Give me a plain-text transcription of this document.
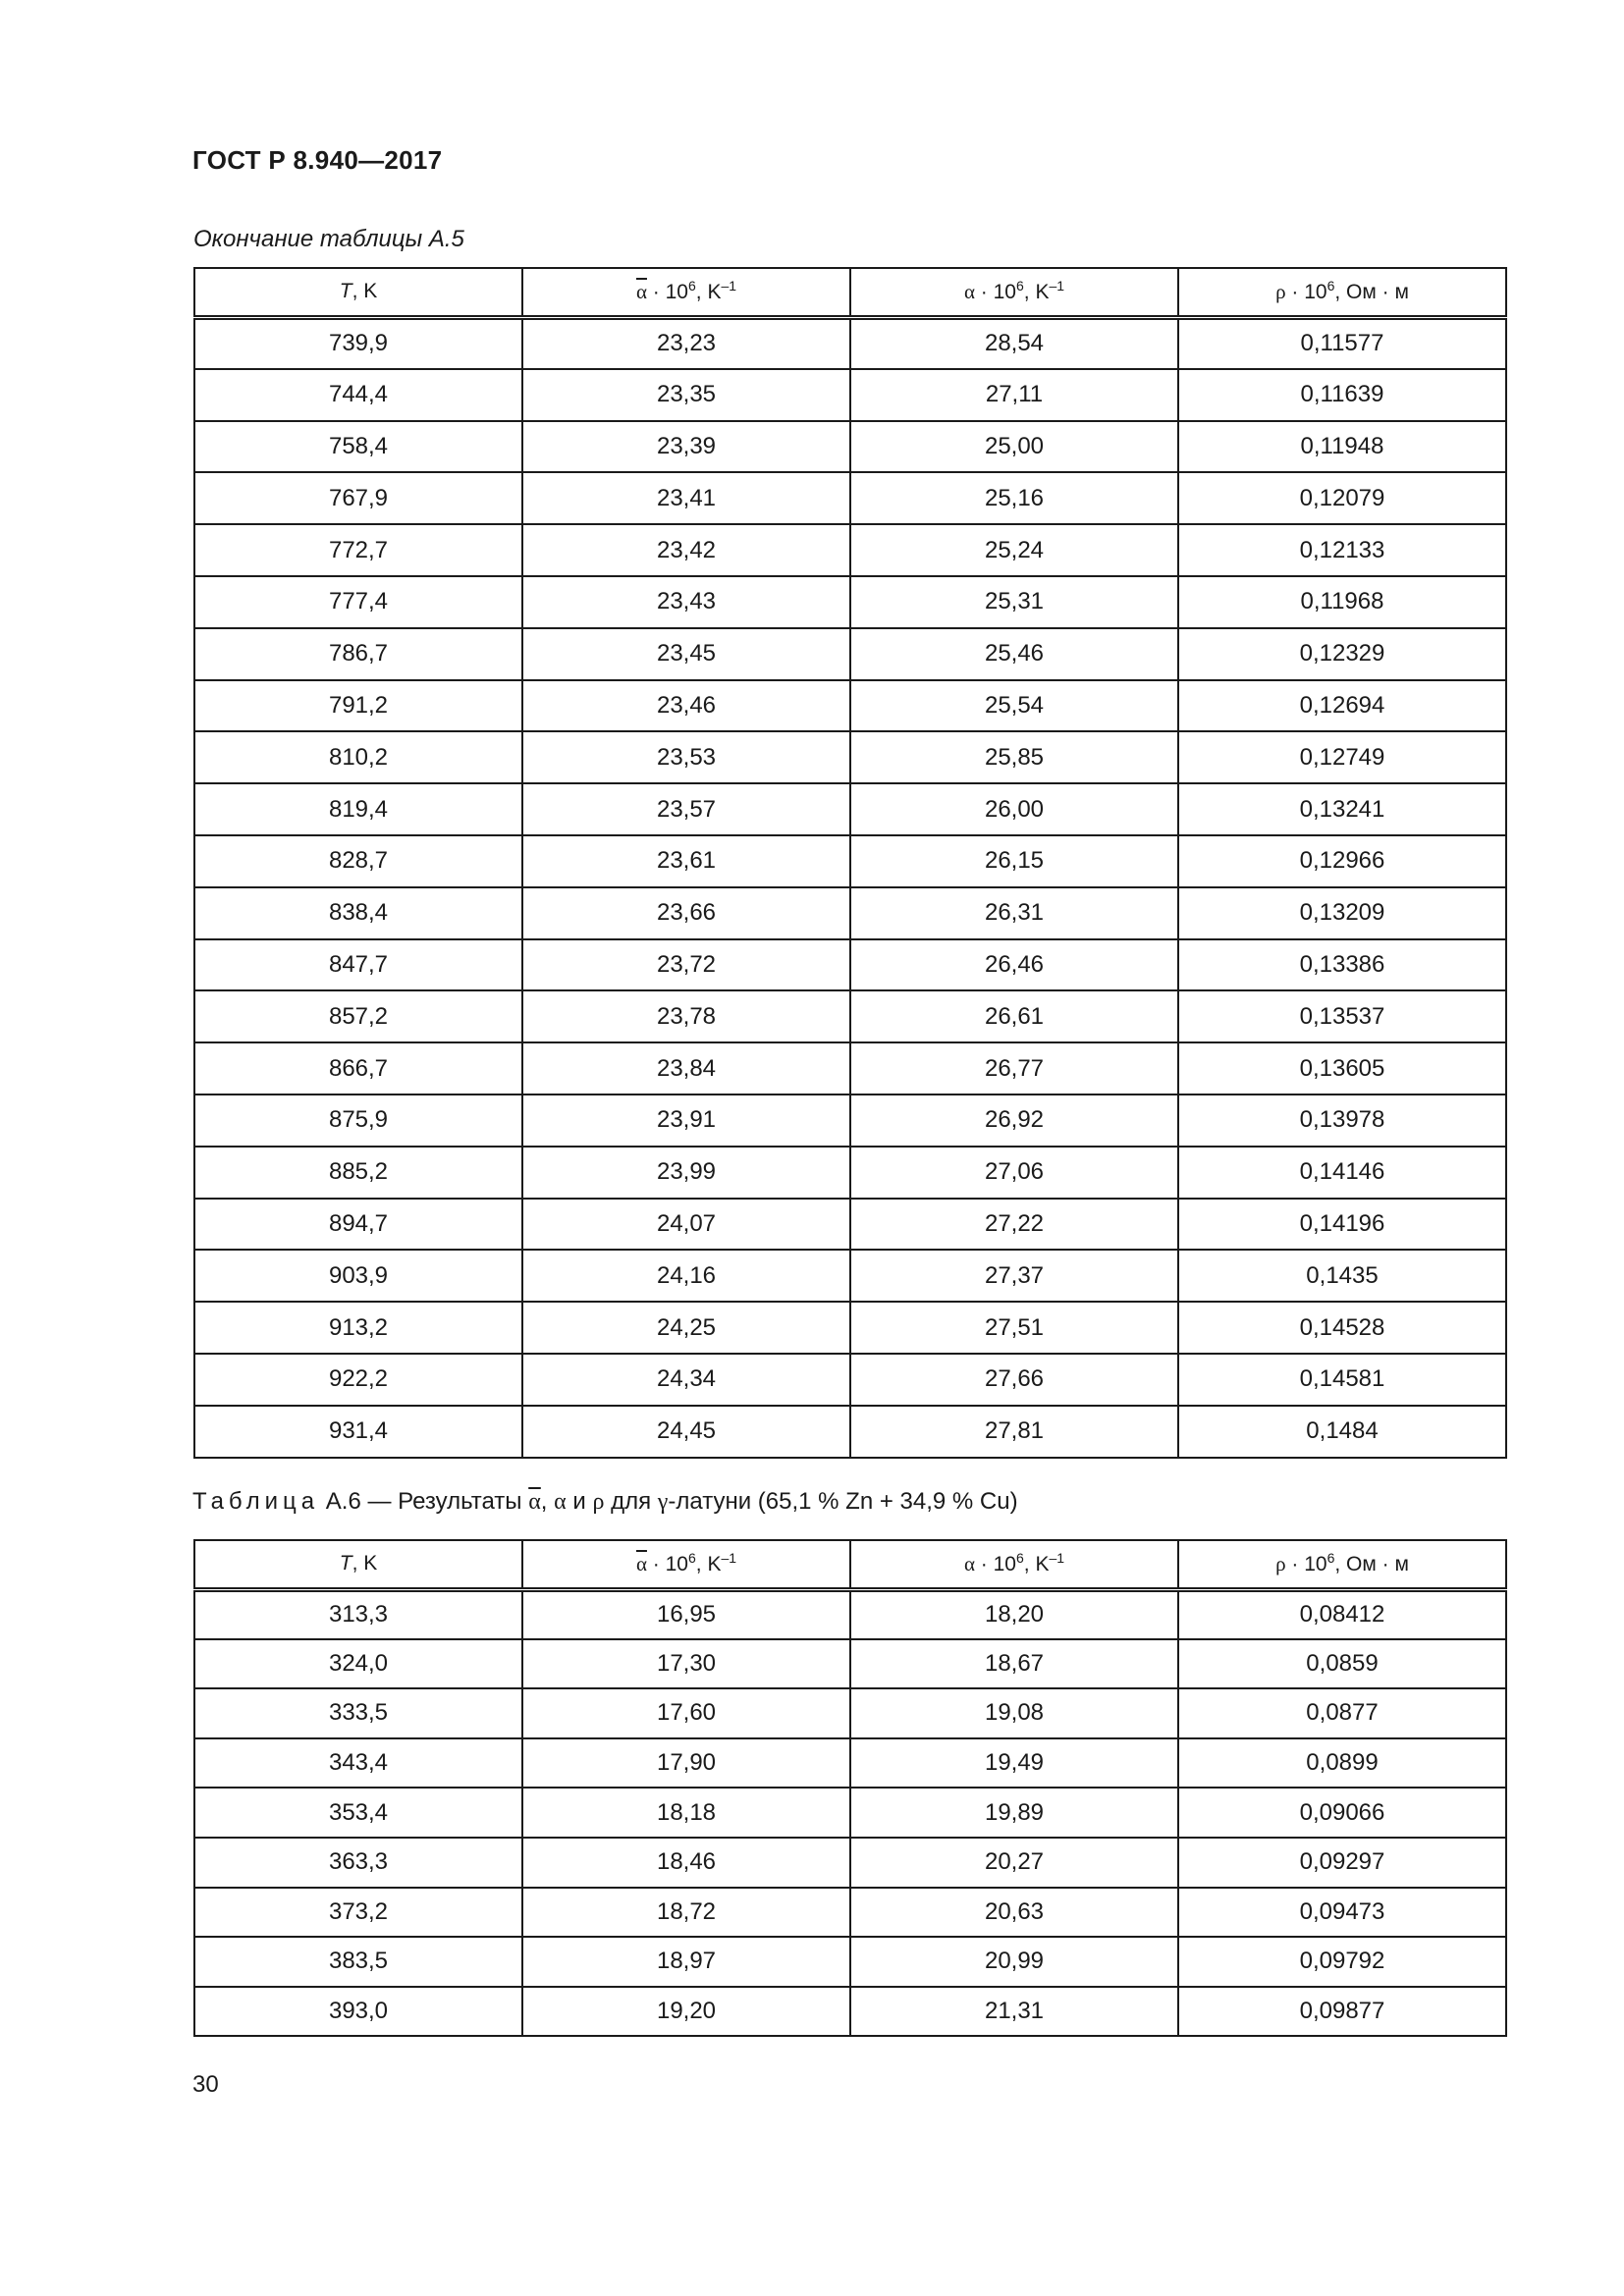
ГОСТ Р 8.940—2017
Окончание таблицы А.5
T, K	$\overline{\alpha} \cdot 10^6$, $K^{-1}$	$\alpha \cdot 10^6$, $K^{-1}$	$\rho \cdot 10^6$, Ом · м
739,9	23,23	28,54	0,11577
744,4	23,35	27,11	0,11639
758,4	23,39	25,00	0,11948
767,9	23,41	25,16	0,12079
772,7	23,42	25,24	0,12133
777,4	23,43	25,31	0,11968
786,7	23,45	25,46	0,12329
791,2	23,46	25,54	0,12694
810,2	23,53	25,85	0,12749
819,4	23,57	26,00	0,13241
828,7	23,61	26,15	0,12966
838,4	23,66	26,31	0,13209
847,7	23,72	26,46	0,13386
857,2	23,78	26,61	0,13537
866,7	23,84	26,77	0,13605
875,9	23,91	26,92	0,13978
885,2	23,99	27,06	0,14146
894,7	24,07	27,22	0,14196
903,9	24,16	27,37	0,1435
913,2	24,25	27,51	0,14528
922,2	24,34	27,66	0,14581
931,4	24,45	27,81	0,1484
Таблица А.6 — Результаты $\overline{\alpha}$, α и ρ для γ-латуни (65,1 % Zn + 34,9 % Cu)
T, K	$\overline{\alpha} \cdot 10^6$, $K^{-1}$	$\alpha \cdot 10^6$, $K^{-1}$	$\rho \cdot 10^6$, Ом · м
313,3	16,95	18,20	0,08412
324,0	17,30	18,67	0,0859
333,5	17,60	19,08	0,0877
343,4	17,90	19,49	0,0899
353,4	18,18	19,89	0,09066
363,3	18,46	20,27	0,09297
373,2	18,72	20,63	0,09473
383,5	18,97	20,99	0,09792
393,0	19,20	21,31	0,09877
30
